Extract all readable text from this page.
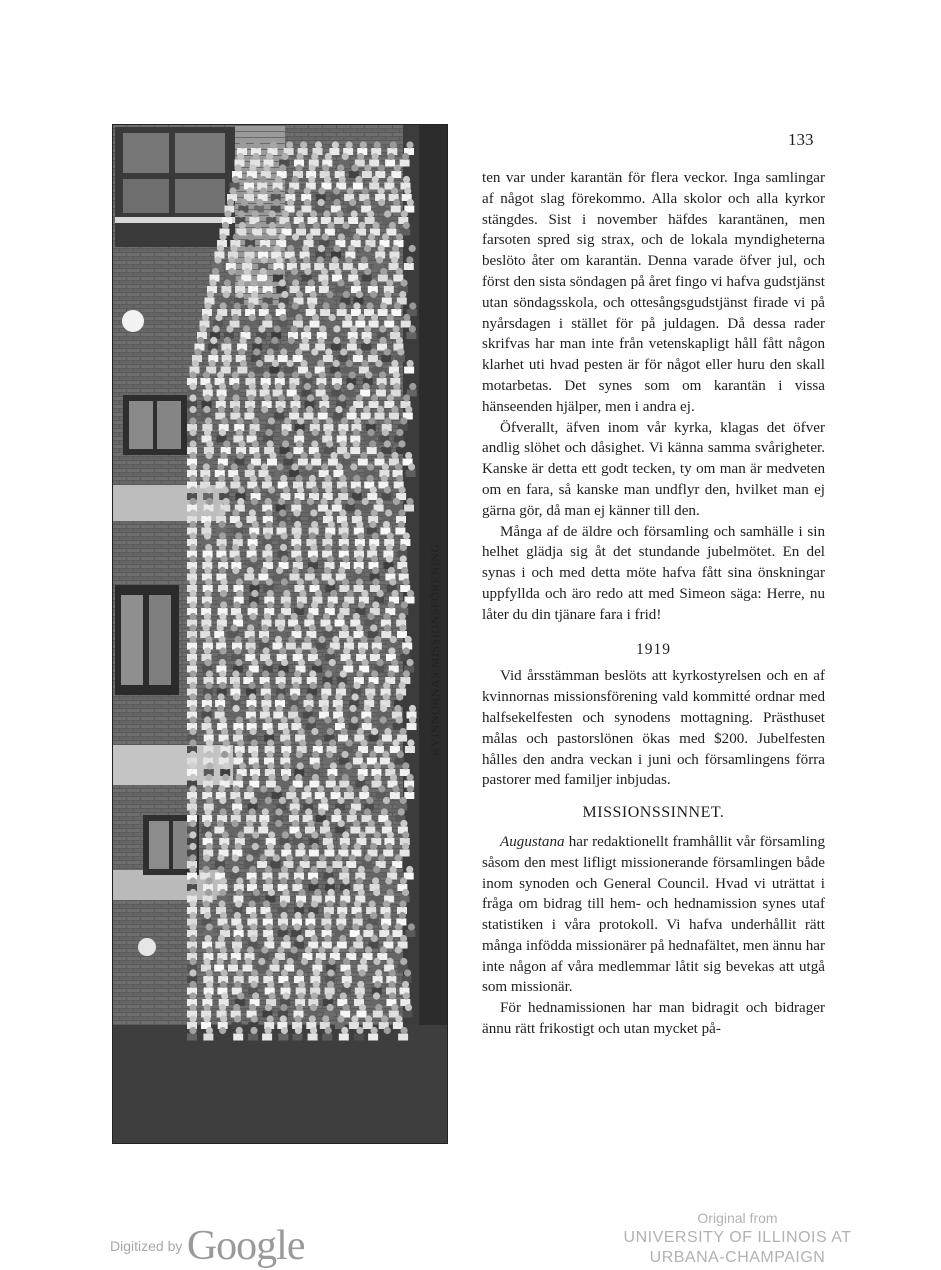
133
KVINNORNAS MISSIONSFÖRENING.

ten var under karantän för flera veckor. Inga samlingar af något slag förekommo. Alla skolor och alla kyrkor stängdes. Sist i november häfdes karantänen, men farsoten spred sig strax, och de lokala myndigheterna beslöto åter om karantän. Denna varade öfver jul, och först den sista söndagen på året fingo vi hafva gudstjänst utan söndagsskola, och ottesångsgudstjänst firade vi på nyårsdagen i stället för på juldagen. Då dessa rader skrifvas har man inte från vetenskapligt håll fått någon klarhet uti hvad pesten är för något eller huru den skall motarbetas. Det synes som om karantän i vissa hänseenden hjälper, men i andra ej.

Öfverallt, äfven inom vår kyrka, klagas det öfver andlig slöhet och dåsighet. Vi känna samma svårigheter. Kanske är detta ett godt tecken, ty om man är medveten om en fara, så kanske man undflyr den, hvilket man ej gärna gör, då man ej känner till den.

Många af de äldre och församling och samhälle i sin helhet glädja sig åt det stundande jubelmötet. En del synas i och med detta möte hafva fått sina önskningar uppfyllda och äro redo att med Simeon säga: Herre, nu låter du din tjänare fara i frid!

1919

Vid årsstämman beslöts att kyrkostyrelsen och en af kvinnornas missionsförening vald kommitté ordnar med halfsekelfesten och synodens mottagning. Prästhuset målas och pastorslönen ökas med $200. Jubelfesten hålles den andra veckan i juni och församlingens förra pastorer med familjer inbjudas.

MISSIONSSINNET.

Augustana har redaktionellt framhållit vår församling såsom den mest lifligt missionerande församlingen både inom synoden och General Council. Hvad vi uträttat i fråga om bidrag till hem- och hednamission synes utaf statistiken i våra protokoll. Vi hafva underhållit rätt många infödda missionärer på hednafältet, men ännu har inte någon af våra medlemmar låtit sig bevekas att utgå som missionär.

För hednamissionen har man bidragit och bidrager ännu rätt frikostigt och utan mycket på-

Digitized by Google
Original from
UNIVERSITY OF ILLINOIS AT
URBANA-CHAMPAIGN
